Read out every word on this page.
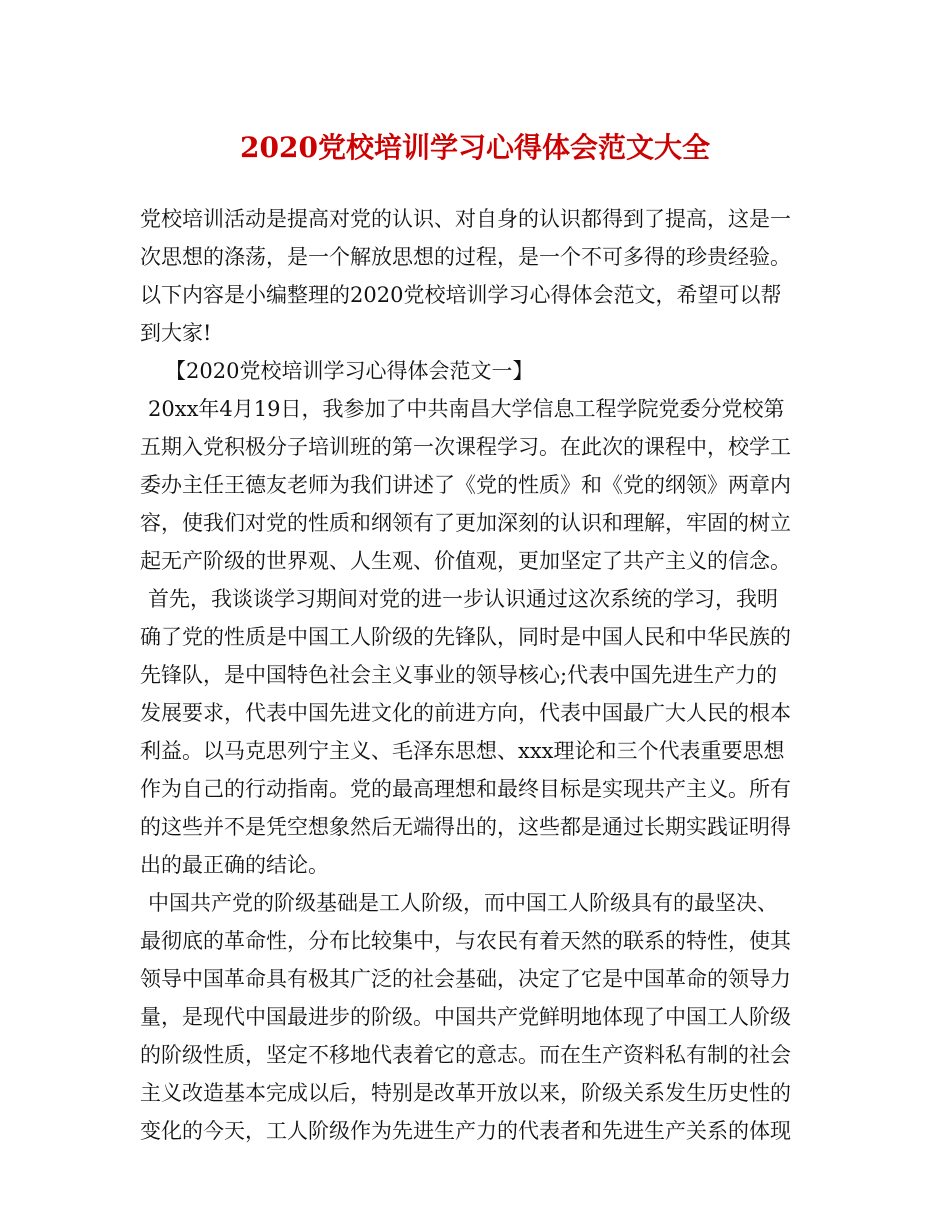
2020党校培训学习心得体会范文大全
党校培训活动是提高对党的认识、对自身的认识都得到了提高，这是一
次思想的涤荡，是一个解放思想的过程，是一个不可多得的珍贵经验。
以下内容是小编整理的2020党校培训学习心得体会范文，希望可以帮
到大家!
【2020党校培训学习心得体会范文一】
20xx年4月19日，我参加了中共南昌大学信息工程学院党委分党校第
五期入党积极分子培训班的第一次课程学习。在此次的课程中，校学工
委办主任王德友老师为我们讲述了《党的性质》和《党的纲领》两章内
容，使我们对党的性质和纲领有了更加深刻的认识和理解，牢固的树立
起无产阶级的世界观、人生观、价值观，更加坚定了共产主义的信念。
首先，我谈谈学习期间对党的进一步认识通过这次系统的学习，我明
确了党的性质是中国工人阶级的先锋队，同时是中国人民和中华民族的
先锋队，是中国特色社会主义事业的领导核心;代表中国先进生产力的
发展要求，代表中国先进文化的前进方向，代表中国最广大人民的根本
利益。以马克思列宁主义、毛泽东思想、xxx理论和三个代表重要思想
作为自己的行动指南。党的最高理想和最终目标是实现共产主义。所有
的这些并不是凭空想象然后无端得出的，这些都是通过长期实践证明得
出的最正确的结论。
中国共产党的阶级基础是工人阶级，而中国工人阶级具有的最坚决、
最彻底的革命性，分布比较集中，与农民有着天然的联系的特性，使其
领导中国革命具有极其广泛的社会基础，决定了它是中国革命的领导力
量，是现代中国最进步的阶级。中国共产党鲜明地体现了中国工人阶级
的阶级性质，坚定不移地代表着它的意志。而在生产资料私有制的社会
主义改造基本完成以后，特别是改革开放以来，阶级关系发生历史性的
变化的今天，工人阶级作为先进生产力的代表者和先进生产关系的体现
